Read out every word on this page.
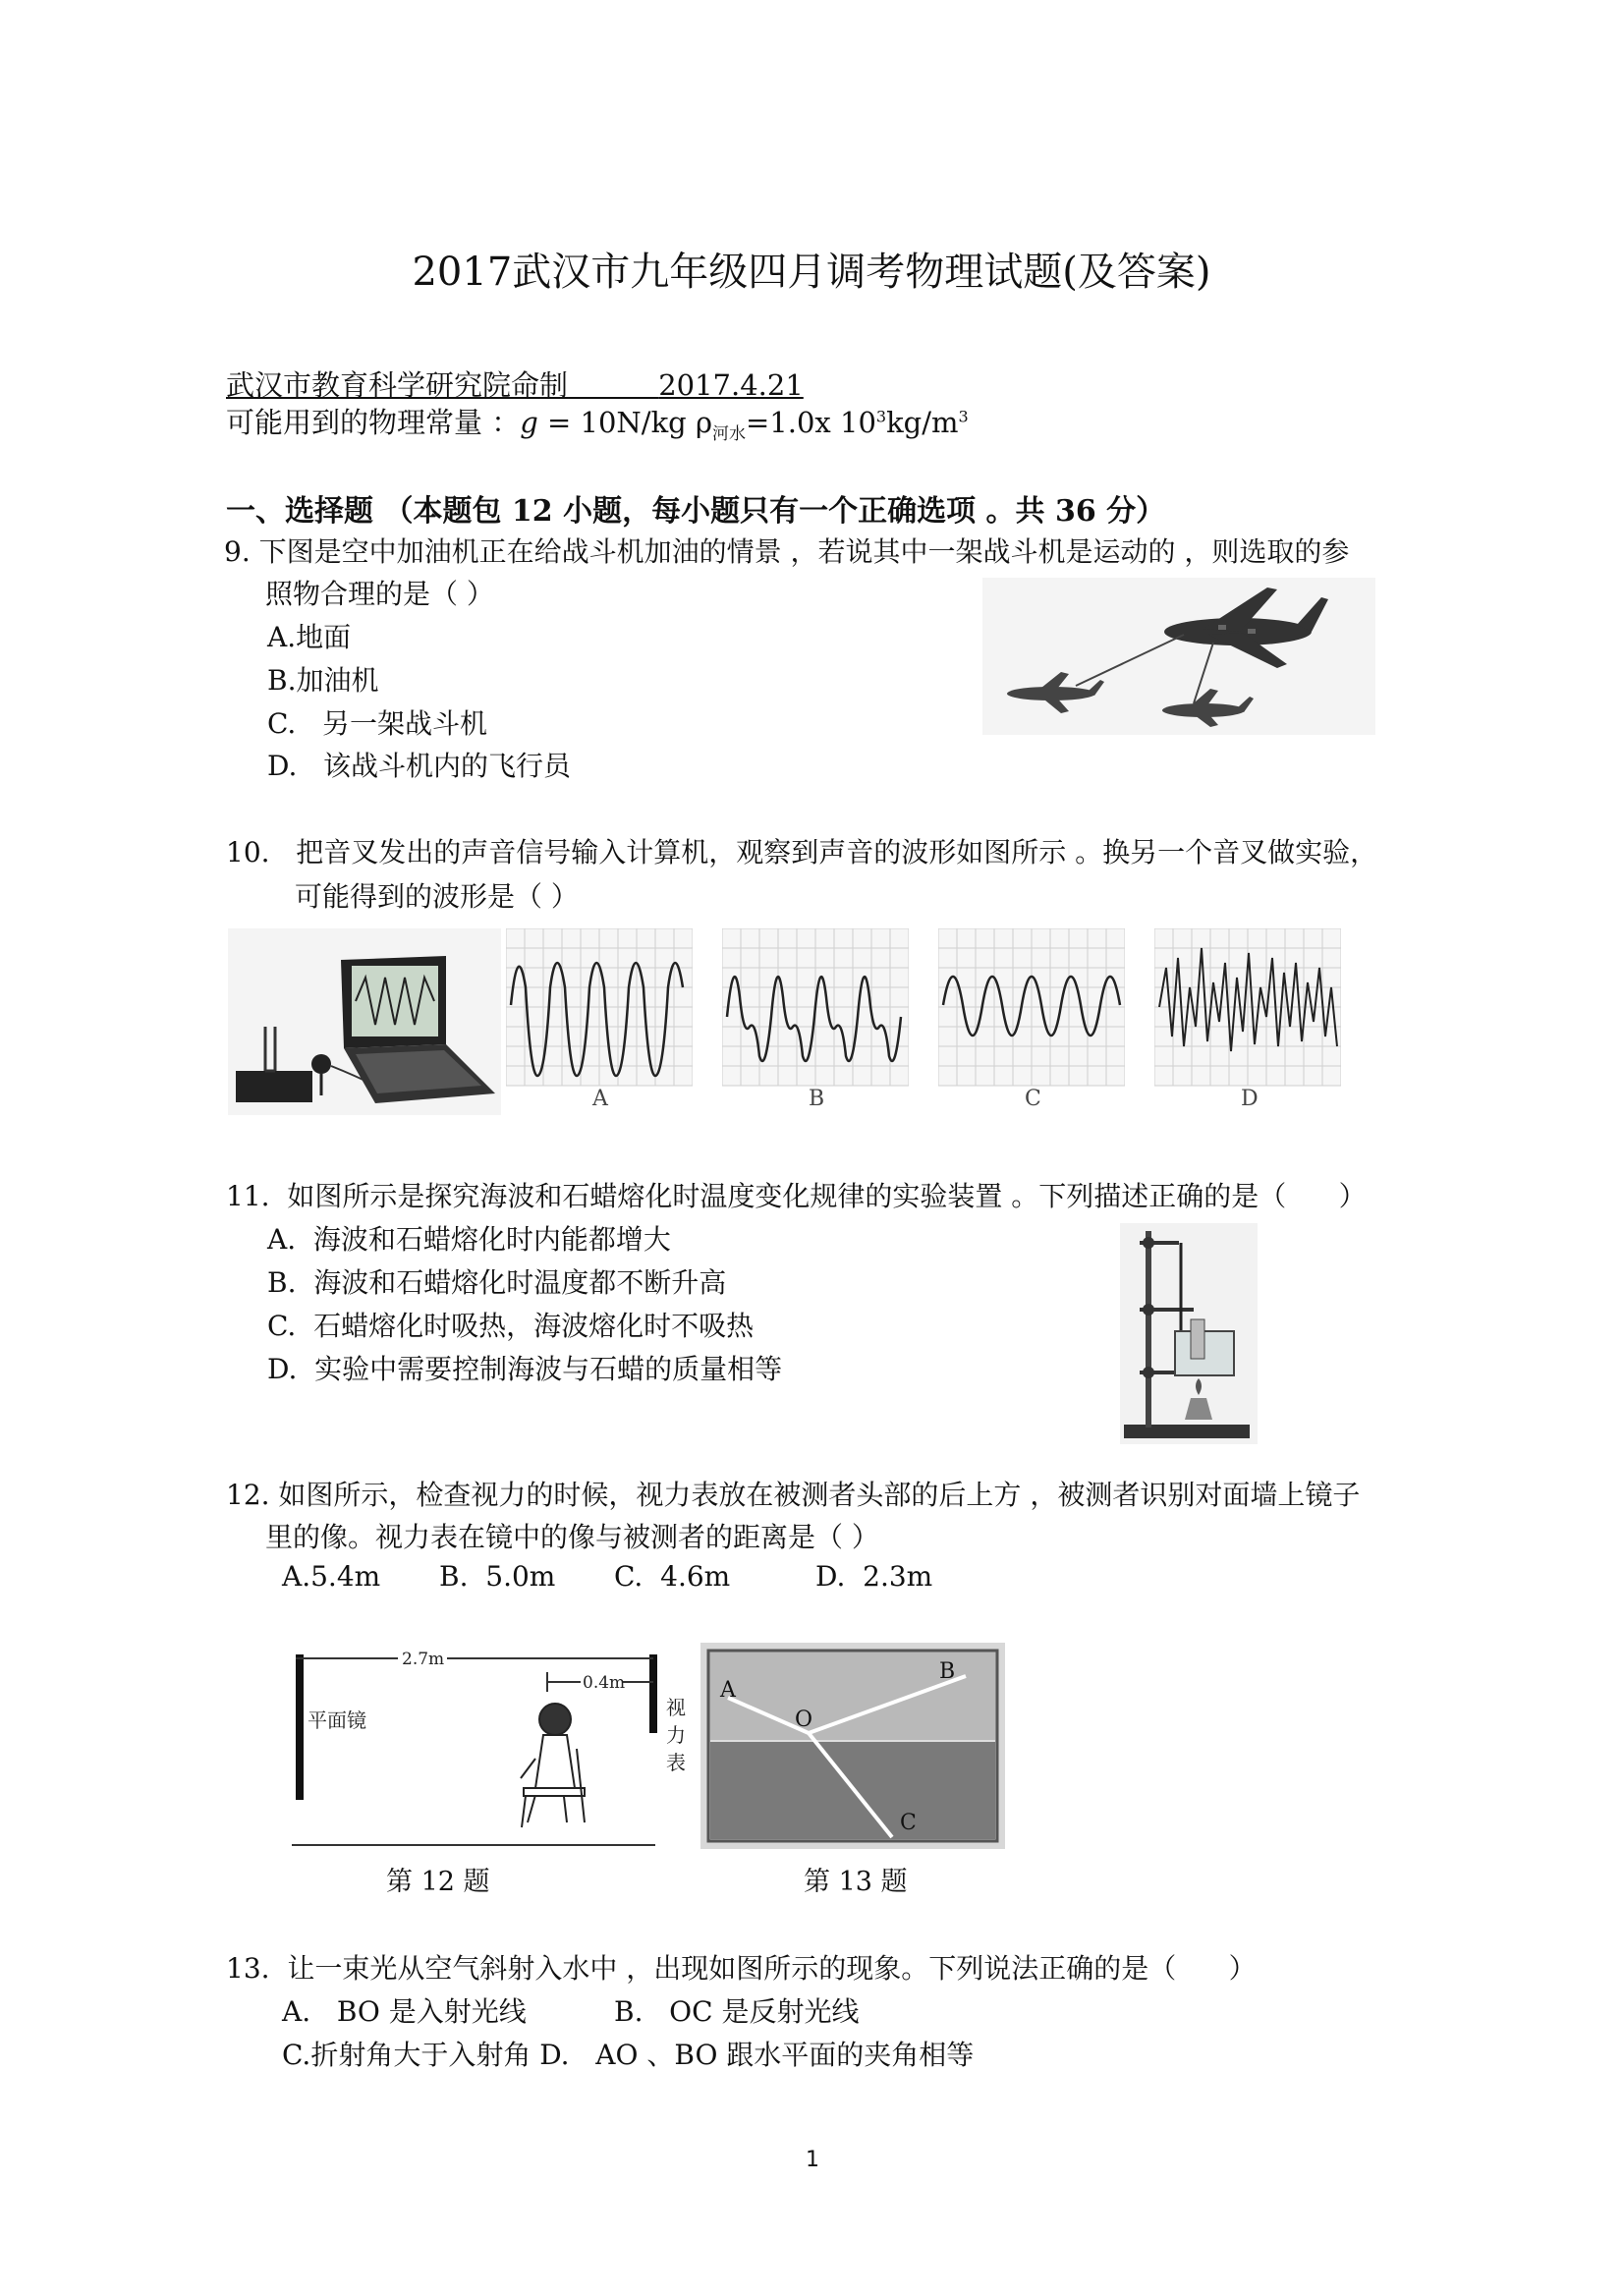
2017武汉市九年级四月调考物理试题(及答案)
武汉市教育科学研究院命制	2017.4.21
可能用到的物理常量 ：g = 10N/kg $\rho_{河水}=1.0x$ $10^3kg/m^3$
一、选择题 （本题包 12 小题，每小题只有一个正确选项 。共 36 分）
9. 下图是空中加油机正在给战斗机加油的情景 ，若说其中一架战斗机是运动的 ，则选取的参
照物合理的是（ ）
A.地面
B.加油机
C.   另一架战斗机
D.   该战斗机内的飞行员
10.   把音叉发出的声音信号输入计算机，观察到声音的波形如图所示 。换另一个音叉做实验，
可能得到的波形是（ ）
A	B	C	D
11.  如图所示是探究海波和石蜡熔化时温度变化规律的实验装置 。下列描述正确的是（      ）
A.  海波和石蜡熔化时内能都增大
B.  海波和石蜡熔化时温度都不断升高
C.  石蜡熔化时吸热，海波熔化时不吸热
D.  实验中需要控制海波与石蜡的质量相等
12. 如图所示，检查视力的时候，视力表放在被测者头部的后上方 ，被测者识别对面墙上镜子
里的像。视力表在镜中的像与被测者的距离是（ ）
A.5.4m B.  5.0m C.  4.6m	D.  2.3m
2.7m
0.4m
平面镜
视
力
表
第 12 题
A
B
O
C
第 13 题
13.  让一束光从空气斜射入水中 ，出现如图所示的现象。下列说法正确的是（      ）
A.   BO 是入射光线	B.   OC 是反射光线
C.折射角大于入射角 D.   AO 、BO 跟水平面的夹角相等
1
